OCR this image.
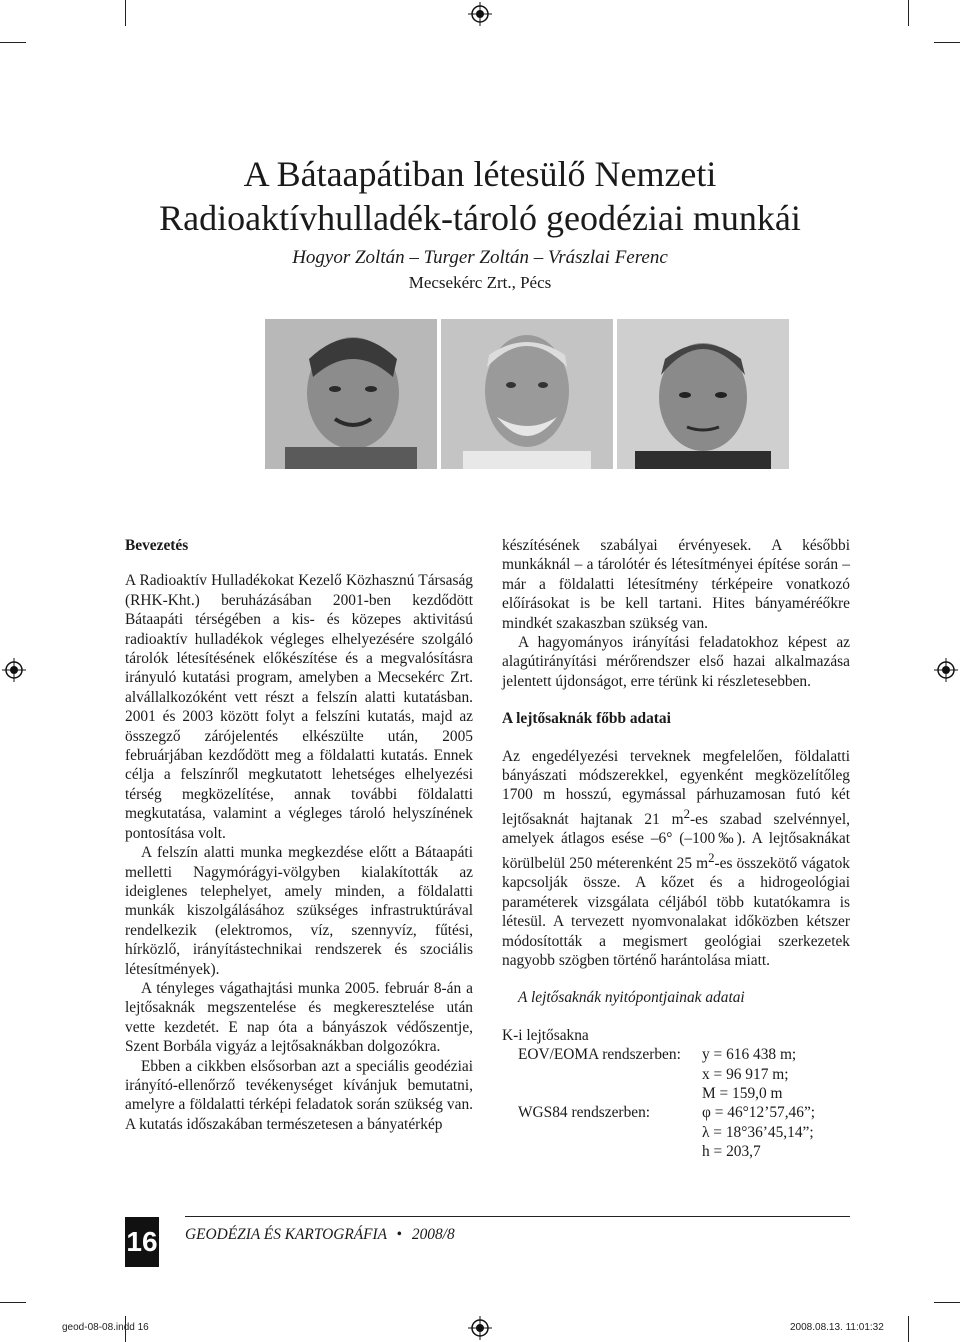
A Bátaapátiban létesülő Nemzeti
Radioaktívhulladék-tároló geodéziai munkái
Hogyor Zoltán – Turger Zoltán – Vrászlai Ferenc
Mecsekérc Zrt., Pécs
Bevezetés

A Radioaktív Hulladékokat Kezelő Közhasznú Társaság (RHK-Kht.) beruházásában 2001-ben kezdődött Bátaapáti térségében a kis- és közepes aktivitású radioaktív hulladékok végleges elhelyezésére szolgáló tárolók létesítésének előkészítése és a megvalósításra irányuló kutatási program, amelyben a Mecsekérc Zrt. alvállalkozóként vett részt a felszín alatti kutatásban. 2001 és 2003 között folyt a felszíni kutatás, majd az összegző zárójelentés elkészülte után, 2005 februárjában kezdődött meg a földalatti kutatás. Ennek célja a felszínről megkutatott lehetséges elhelyezési térség megközelítése, annak további földalatti megkutatása, valamint a végleges tároló helyszínének pontosítása volt.

A felszín alatti munka megkezdése előtt a Bátaapáti melletti Nagymórágyi-völgyben kialakították az ideiglenes telephelyet, amely minden, a földalatti munkák kiszolgálásához szükséges infrastruktúrával rendelkezik (elektromos, víz, szennyvíz, fűtési, hírközlő, irányítástechnikai rendszerek és szociális létesítmények).

A tényleges vágathajtási munka 2005. február 8-án a lejtősaknák megszentelése és megkeresztelése után vette kezdetét. E nap óta a bányászok védőszentje, Szent Borbála vigyáz a lejtősaknákban dolgozókra.

Ebben a cikkben elsősorban azt a speciális geodéziai irányító-ellenőrző tevékenységet kívánjuk bemutatni, amelyre a földalatti térképi feladatok során szükség van. A kutatás időszakában természetesen a bányatérkép

készítésének szabályai érvényesek. A későbbi munkáknál – a tárolótér és létesítményei építése során – már a földalatti létesítmény térképeire vonatkozó előírásokat is be kell tartani. Hites bányaméréőkre mindkét szakaszban szükség van.

A hagyományos irányítási feladatokhoz képest az alagútirányítási mérőrendszer első hazai alkalmazása jelentett újdonságot, erre térünk ki részletesebben.

A lejtősaknák főbb adatai

Az engedélyezési terveknek megfelelően, földalatti bányászati módszerekkel, egyenként megközelítőleg 1700 m hosszú, egymással párhuzamosan futó két lejtősaknát hajtanak 21 $m^2-es$ szabad szelvénnyel, amelyek átlagos esése –6° (–100‰). A lejtősaknákat körülbelül 250 méterenként 25 $m^2-es$ összekötő vágatok kapcsolják össze. A kőzet és a hidrogeológiai paraméterek vizsgálata céljából több kutatókamra is létesül. A tervezett nyomvonalakat időközben kétszer módosították a megismert geológiai szerkezetek nagyobb szögben történő harántolása miatt.

A lejtősaknák nyitópontjainak adatai

K-i lejtősakna
EOV/EOMA rendszerben:	y = 616 438 m;
x = 96 917 m;
M = 159,0 m
WGS84 rendszerben:	φ = 46°12’57,46”;
λ = 18°36’45,14”;
h = 203,7
16 GEODÉZIA ÉS KARTOGRÁFIA • 2008/8
geod-08-08.indd 16	2008.08.13. 11:01:32
